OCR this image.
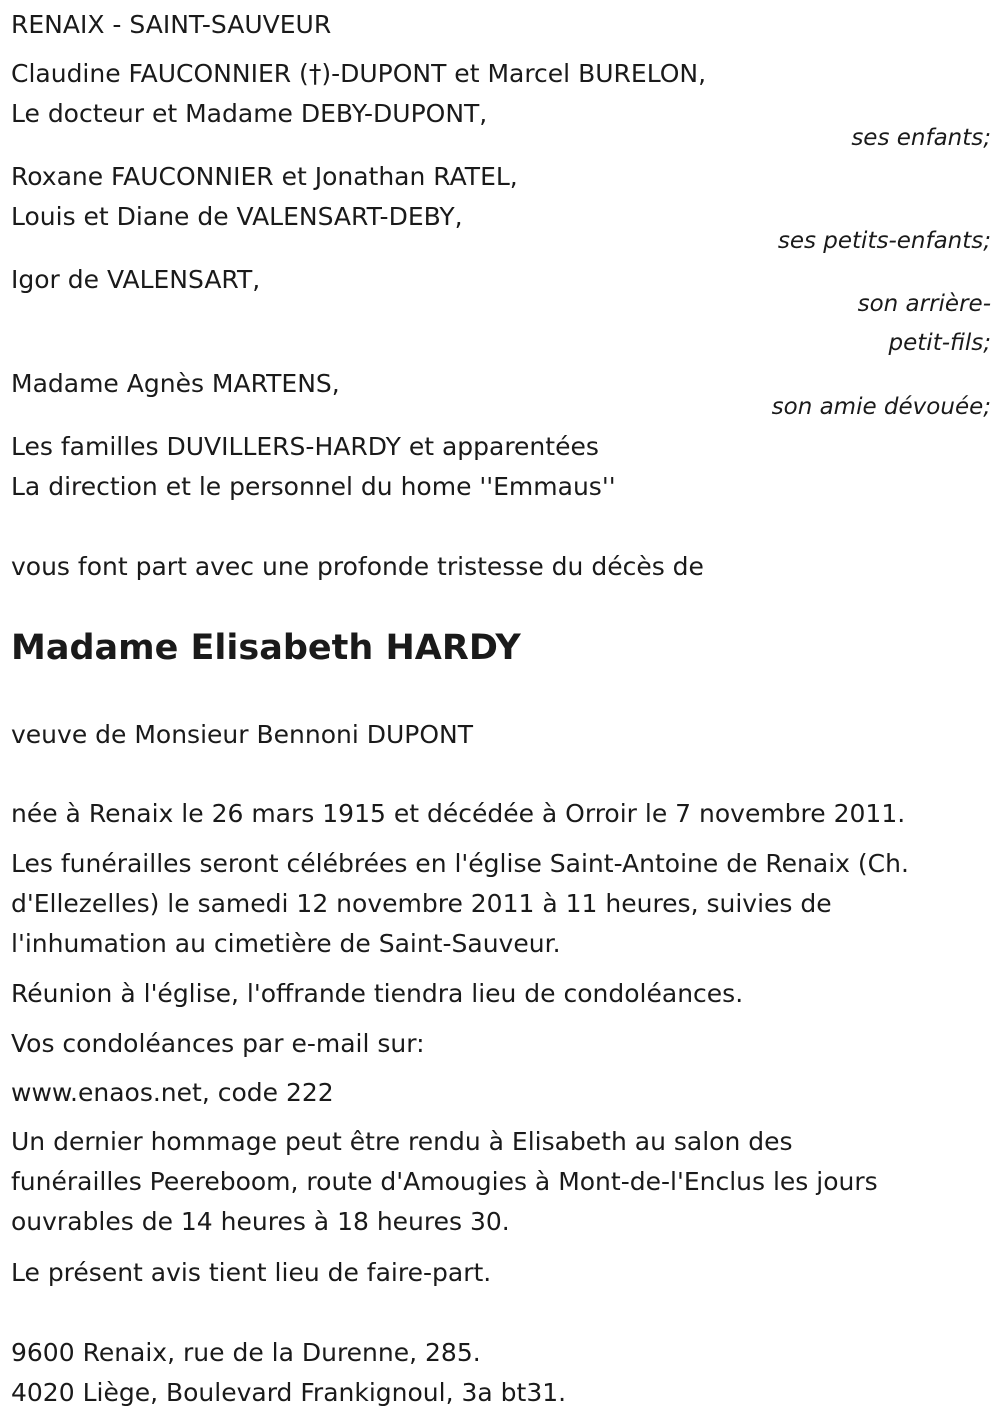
RENAIX - SAINT-SAUVEUR
Claudine FAUCONNIER (†)-DUPONT et Marcel BURELON,
Le docteur et Madame DEBY-DUPONT,
ses enfants;
Roxane FAUCONNIER et Jonathan RATEL,
Louis et Diane de VALENSART-DEBY,
ses petits-enfants;
Igor de VALENSART,
son arrière-
petit-fils;
Madame Agnès MARTENS,
son amie dévouée;
Les familles DUVILLERS-HARDY et apparentées
La direction et le personnel du home ''Emmaus''
vous font part avec une profonde tristesse du décès de
Madame Elisabeth HARDY
veuve de Monsieur Bennoni DUPONT
née à Renaix le 26 mars 1915 et décédée à Orroir le 7 novembre 2011.
Les funérailles seront célébrées en l'église Saint-Antoine de Renaix (Ch.
d'Ellezelles) le samedi 12 novembre 2011 à 11 heures, suivies de
l'inhumation au cimetière de Saint-Sauveur.
Réunion à l'église, l'offrande tiendra lieu de condoléances.
Vos condoléances par e-mail sur:
www.enaos.net, code 222
Un dernier hommage peut être rendu à Elisabeth au salon des
funérailles Peereboom, route d'Amougies à Mont-de-l'Enclus les jours
ouvrables de 14 heures à 18 heures 30.
Le présent avis tient lieu de faire-part.
9600 Renaix, rue de la Durenne, 285.
4020 Liège, Boulevard Frankignoul, 3a bt31.
